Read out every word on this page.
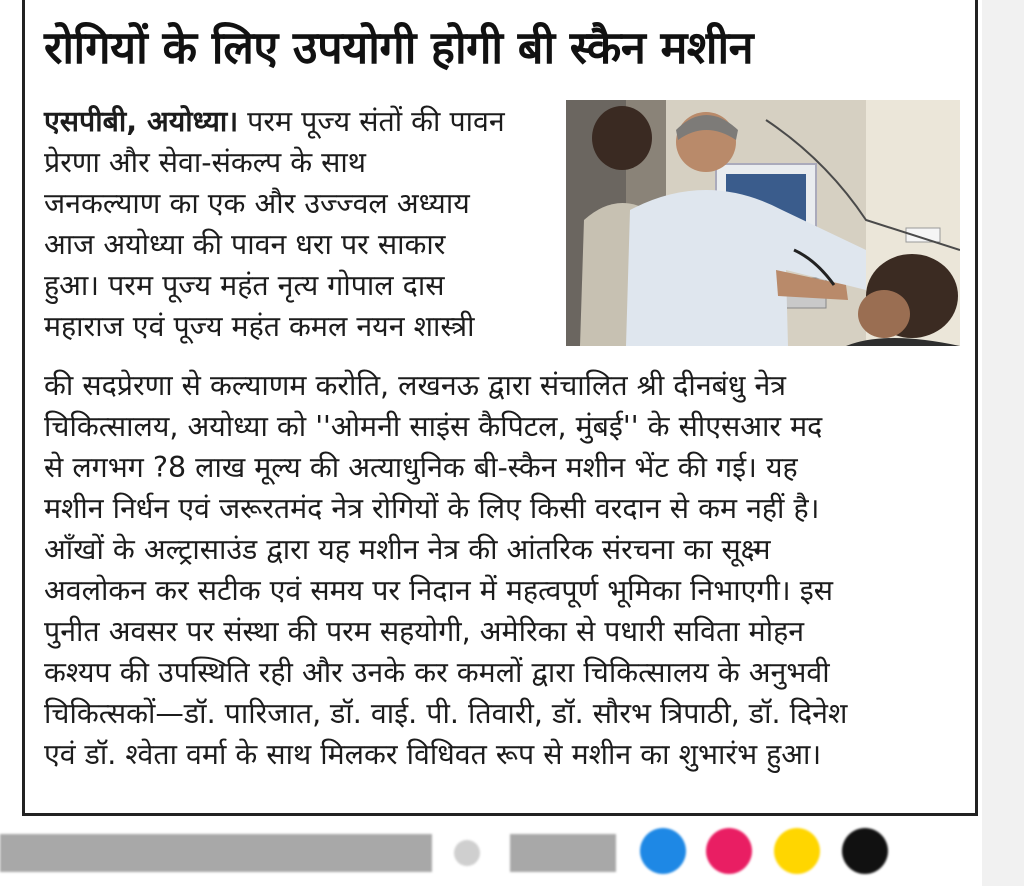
रोगियों के लिए उपयोगी होगी बी स्कैन मशीन

एसपीबी, अयोध्या। परम पूज्य संतों की पावन

प्रेरणा और सेवा-संकल्प के साथ

जनकल्याण का एक और उज्ज्वल अध्याय

आज अयोध्या की पावन धरा पर साकार

हुआ। परम पूज्य महंत नृत्य गोपाल दास

महाराज एवं पूज्य महंत कमल नयन शास्त्री

की सदप्रेरणा से कल्याणम करोति, लखनऊ द्वारा संचालित श्री दीनबंधु नेत्र

चिकित्सालय, अयोध्या को ''ओमनी साइंस कैपिटल, मुंबई'' के सीएसआर मद

से लगभग ?8 लाख मूल्य की अत्याधुनिक बी-स्कैन मशीन भेंट की गई। यह

मशीन निर्धन एवं जरूरतमंद नेत्र रोगियों के लिए किसी वरदान से कम नहीं है।

आँखों के अल्ट्रासाउंड द्वारा यह मशीन नेत्र की आंतरिक संरचना का सूक्ष्म

अवलोकन कर सटीक एवं समय पर निदान में महत्वपूर्ण भूमिका निभाएगी। इस

पुनीत अवसर पर संस्था की परम सहयोगी, अमेरिका से पधारी सविता मोहन

कश्यप की उपस्थिति रही और उनके कर कमलों द्वारा चिकित्सालय के अनुभवी

चिकित्सकों—डॉ. पारिजात, डॉ. वाई. पी. तिवारी, डॉ. सौरभ त्रिपाठी, डॉ. दिनेश

एवं डॉ. श्वेता वर्मा के साथ मिलकर विधिवत रूप से मशीन का शुभारंभ हुआ।
